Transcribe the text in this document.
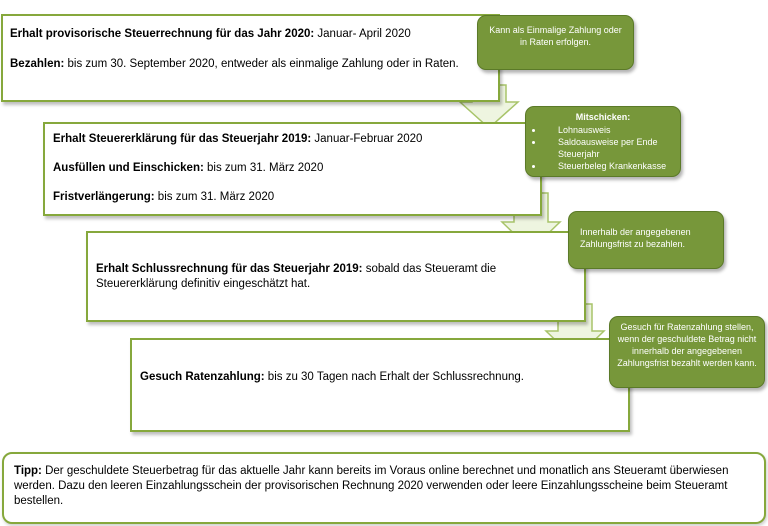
Erhalt provisorische Steuerrechnung für das Jahr 2020: Januar- April 2020

Bezahlen: bis zum 30. September 2020, entweder als einmalige Zahlung oder in Raten.

Erhalt Steuererklärung für das Steuerjahr 2019: Januar-Februar 2020

Ausfüllen und Einschicken: bis zum 31. März 2020

Fristverlängerung: bis zum 31. März 2020

Erhalt Schlussrechnung für das Steuerjahr 2019: sobald das Steueramt die Steuererklärung definitiv eingeschätzt hat.

Gesuch Ratenzahlung: bis zu 30 Tagen nach Erhalt der Schlussrechnung.

Kann als Einmalige Zahlung oder in Raten erfolgen.
Mitschicken:
• Lohnausweis
• Saldoausweise per Ende Steuerjahr
• Steuerbeleg Krankenkasse
Innerhalb der angegebenen Zahlungsfrist zu bezahlen.
Gesuch für Ratenzahlung stellen, wenn der geschuldete Betrag nicht innerhalb der angegebenen Zahlungsfrist bezahlt werden kann.
Tipp: Der geschuldete Steuerbetrag für das aktuelle Jahr kann bereits im Voraus online berechnet und monatlich ans Steueramt überwiesen werden. Dazu den leeren Einzahlungsschein der provisorischen Rechnung 2020 verwenden oder leere Einzahlungsscheine beim Steueramt bestellen.
